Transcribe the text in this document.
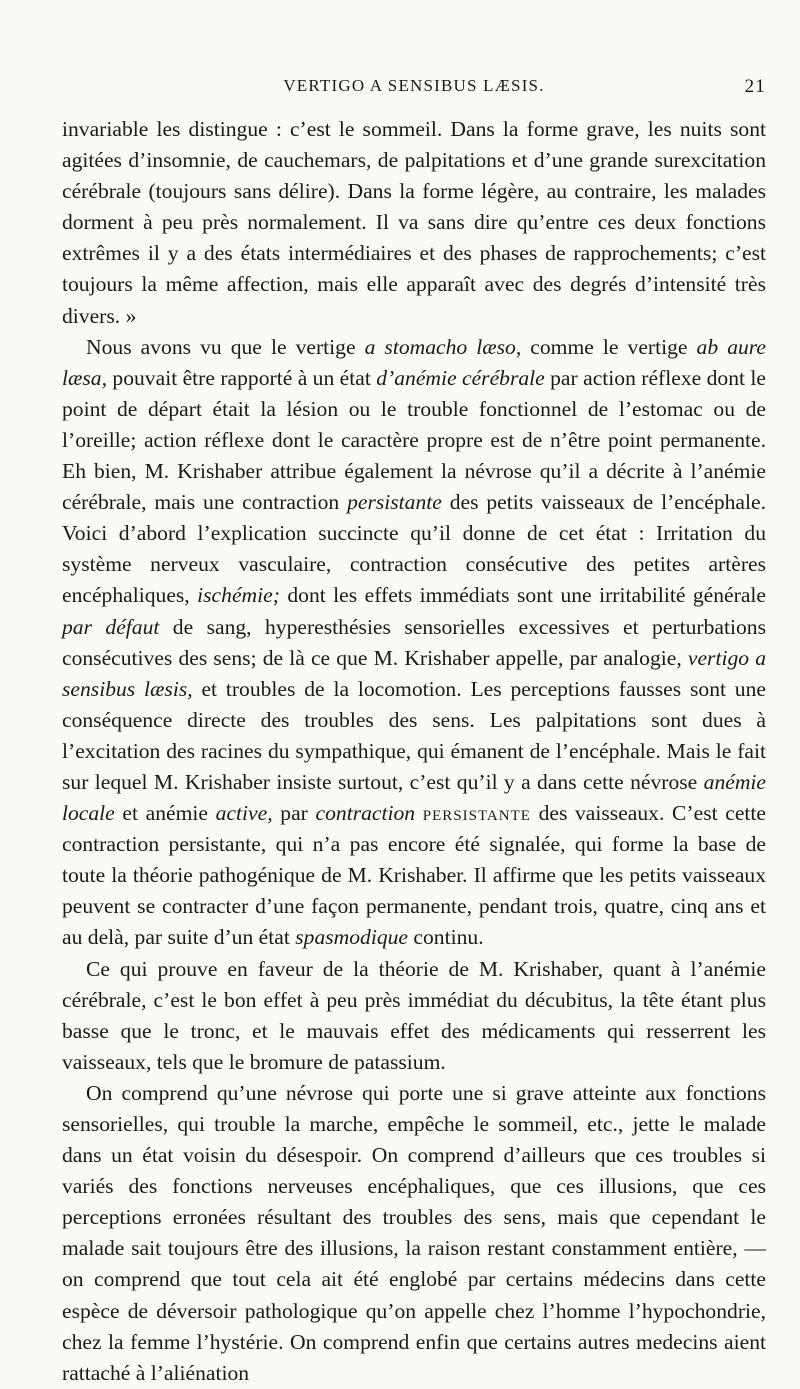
VERTIGO A SENSIBUS LÆSIS.	21

invariable les distingue : c’est le sommeil. Dans la forme grave, les nuits sont agitées d’insomnie, de cauchemars, de palpitations et d’une grande surexcitation cérébrale (toujours sans délire). Dans la forme légère, au contraire, les malades dorment à peu près normalement. Il va sans dire qu’entre ces deux fonctions extrêmes il y a des états intermédiaires et des phases de rapprochements; c’est toujours la même affection, mais elle apparaît avec des degrés d’intensité très divers. »

Nous avons vu que le vertige a stomacho læso, comme le vertige ab aure læsa, pouvait être rapporté à un état d’anémie cérébrale par action réflexe dont le point de départ était la lésion ou le trouble fonctionnel de l’estomac ou de l’oreille; action réflexe dont le caractère propre est de n’être point permanente. Eh bien, M. Krishaber attribue également la névrose qu’il a décrite à l’anémie cérébrale, mais une contraction persistante des petits vaisseaux de l’encéphale. Voici d’abord l’explication succincte qu’il donne de cet état : Irritation du système nerveux vasculaire, contraction consécutive des petites artères encéphaliques, ischémie; dont les effets immédiats sont une irritabilité générale par défaut de sang, hyperesthésies sensorielles excessives et perturbations consécutives des sens; de là ce que M. Krishaber appelle, par analogie, vertigo a sensibus læsis, et troubles de la locomotion. Les perceptions fausses sont une conséquence directe des troubles des sens. Les palpitations sont dues à l’excitation des racines du sympathique, qui émanent de l’encéphale. Mais le fait sur lequel M. Krishaber insiste surtout, c’est qu’il y a dans cette névrose anémie locale et anémie active, par contraction persistante des vaisseaux. C’est cette contraction persistante, qui n’a pas encore été signalée, qui forme la base de toute la théorie pathogénique de M. Krishaber. Il affirme que les petits vaisseaux peuvent se contracter d’une façon permanente, pendant trois, quatre, cinq ans et au delà, par suite d’un état spasmodique continu.

Ce qui prouve en faveur de la théorie de M. Krishaber, quant à l’anémie cérébrale, c’est le bon effet à peu près immédiat du décubitus, la tête étant plus basse que le tronc, et le mauvais effet des médicaments qui resserrent les vaisseaux, tels que le bromure de patassium.

On comprend qu’une névrose qui porte une si grave atteinte aux fonctions sensorielles, qui trouble la marche, empêche le sommeil, etc., jette le malade dans un état voisin du désespoir. On comprend d’ailleurs que ces troubles si variés des fonctions nerveuses encéphaliques, que ces illusions, que ces perceptions erronées résultant des troubles des sens, mais que cependant le malade sait toujours être des illusions, la raison restant constamment entière, — on comprend que tout cela ait été englobé par certains médecins dans cette espèce de déversoir pathologique qu’on appelle chez l’homme l’hypochondrie, chez la femme l’hystérie. On comprend enfin que certains autres medecins aient rattaché à l’aliénation
